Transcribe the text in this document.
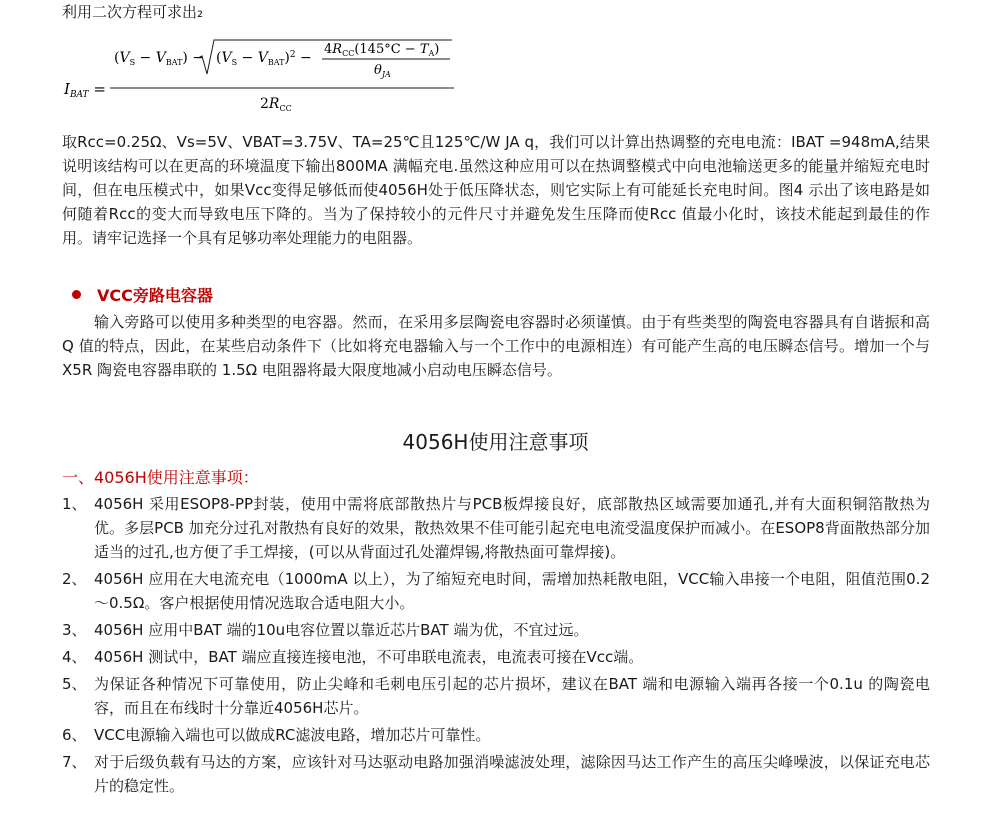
利用二次方程可求出₂
$I_{BAT}$ =
$(V_S - V_{BAT}) - (V_S - V_{BAT})^2$ −
$4R_{CC}(145^\circ C - T_A)$
$\theta_{JA}$
$2R_{CC}$
取Rcc=0.25Ω、Vs=5V、VBAT=3.75V、TA=25℃且125℃/W JA q，我们可以计算出热调整的充电电流：IBAT =948mA,结果说明该结构可以在更高的环境温度下输出800MA 满幅充电.虽然这种应用可以在热调整模式中向电池输送更多的能量并缩短充电时间，但在电压模式中，如果Vcc变得足够低而使4056H处于低压降状态，则它实际上有可能延长充电时间。图4 示出了该电路是如何随着Rcc的变大而导致电压下降的。当为了保持较小的元件尺寸并避免发生压降而使Rcc 值最小化时，该技术能起到最佳的作用。请牢记选择一个具有足够功率处理能力的电阻器。
VCC旁路电容器
输入旁路可以使用多种类型的电容器。然而，在采用多层陶瓷电容器时必须谨慎。由于有些类型的陶瓷电容器具有自谐振和高 Q 值的特点，因此，在某些启动条件下（比如将充电器输入与一个工作中的电源相连）有可能产生高的电压瞬态信号。增加一个与 X5R 陶瓷电容器串联的 1.5Ω 电阻器将最大限度地减小启动电压瞬态信号。
4056H使用注意事项
一、4056H使用注意事项：
1、 4056H 采用ESOP8-PP封装，使用中需将底部散热片与PCB板焊接良好，底部散热区域需要加通孔,并有大面积铜箔散热为优。多层PCB 加充分过孔对散热有良好的效果，散热效果不佳可能引起充电电流受温度保护而减小。在ESOP8背面散热部分加适当的过孔,也方便了手工焊接，(可以从背面过孔处灌焊锡,将散热面可靠焊接)。
2、 4056H 应用在大电流充电（1000mA 以上），为了缩短充电时间，需增加热耗散电阻，VCC输入串接一个电阻，阻值范围0.2～0.5Ω。客户根据使用情况选取合适电阻大小。
3、 4056H 应用中BAT 端的10u电容位置以靠近芯片BAT 端为优，不宜过远。
4、 4056H 测试中，BAT 端应直接连接电池，不可串联电流表，电流表可接在Vcc端。
5、 为保证各种情况下可靠使用，防止尖峰和毛刺电压引起的芯片损坏，建议在BAT 端和电源输入端再各接一个0.1u 的陶瓷电容，而且在布线时十分靠近4056H芯片。
6、 VCC电源输入端也可以做成RC滤波电路，增加芯片可靠性。
7、 对于后级负载有马达的方案，应该针对马达驱动电路加强消噪滤波处理，滤除因马达工作产生的高压尖峰噪波，以保证充电芯片的稳定性。
